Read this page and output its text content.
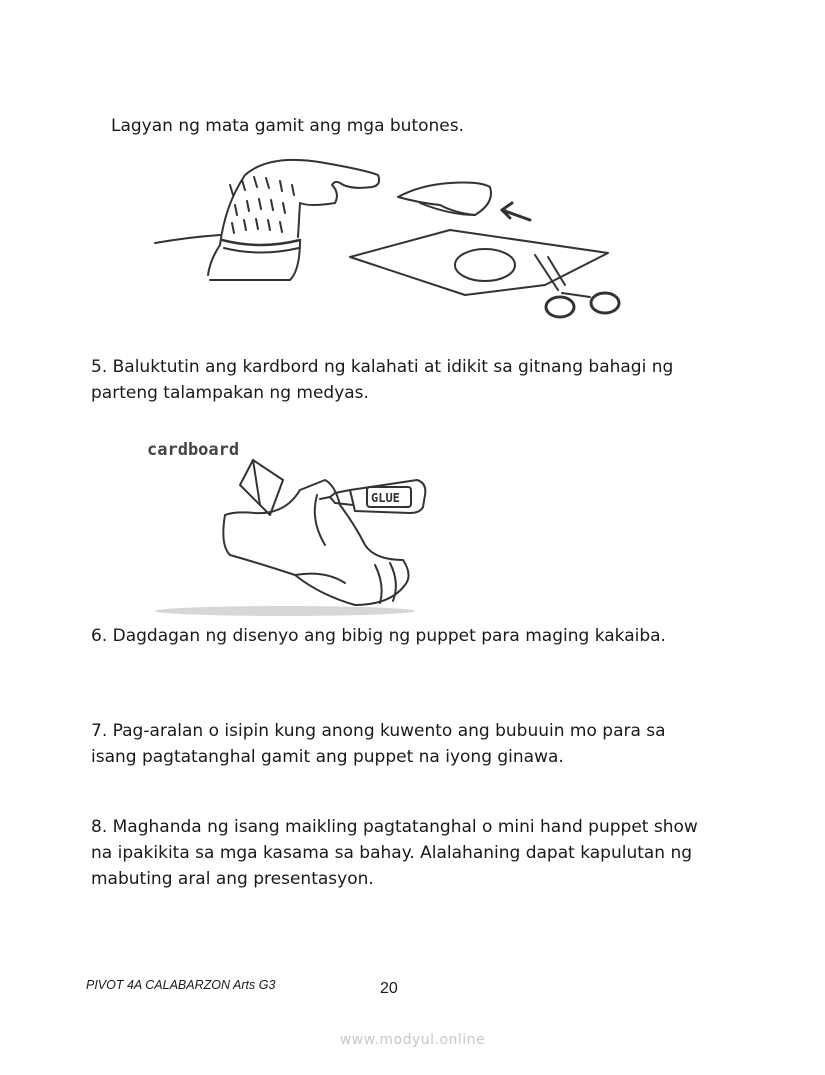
Lagyan ng mata gamit ang mga butones.

5. Baluktutin ang kardbord ng kalahati at idikit sa gitnang bahagi ng parteng talampakan ng medyas.

cardboard
GLUE

6. Dagdagan ng disenyo ang bibig ng puppet para maging kakaiba.

7. Pag-aralan o isipin kung anong kuwento ang bubuuin mo para sa isang pagtatanghal gamit ang puppet na iyong ginawa.

8. Maghanda ng isang maikling pagtatanghal o mini hand puppet show na ipakikita sa mga kasama sa bahay. Alalahaning dapat kapulutan ng mabuting aral ang presentasyon.

PIVOT 4A CALABARZON Arts G3	20
www.modyul.online
